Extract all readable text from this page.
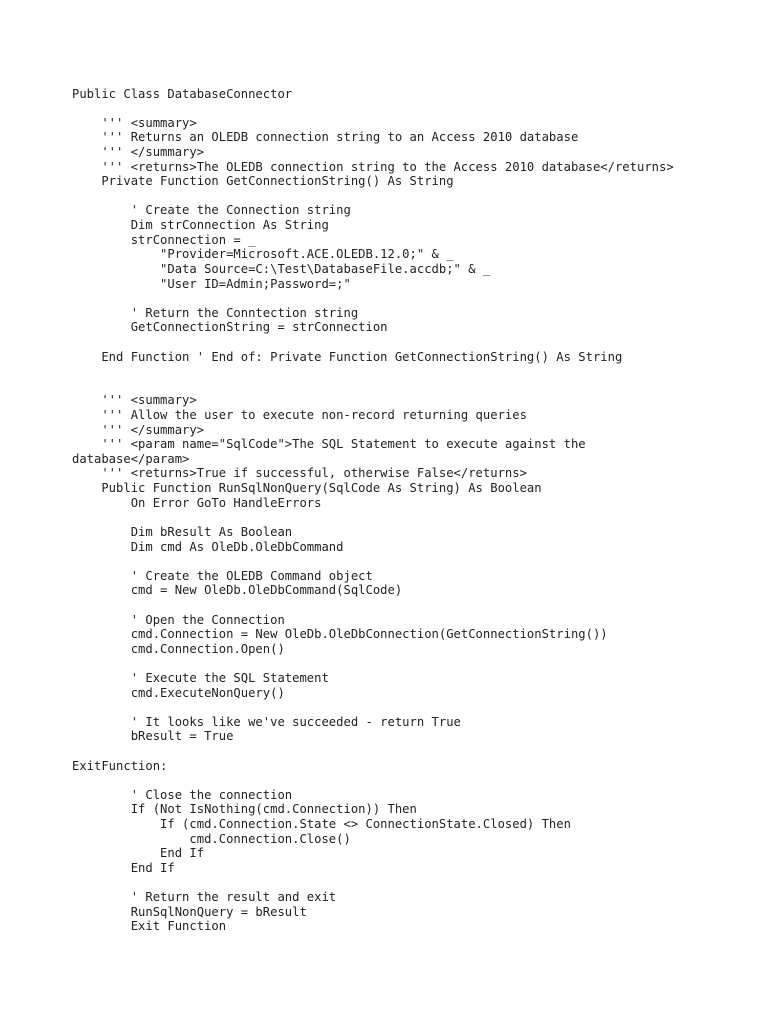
Public Class DatabaseConnector
''' <summary>
''' Returns an OLEDB connection string to an Access 2010 database
''' </summary>
''' <returns>The OLEDB connection string to the Access 2010 database</returns>
Private Function GetConnectionString() As String
' Create the Connection string
Dim strConnection As String
strConnection = _
"Provider=Microsoft.ACE.OLEDB.12.0;" & _
"Data Source=C:\Test\DatabaseFile.accdb;" & _
"User ID=Admin;Password=;"
' Return the Conntection string
GetConnectionString = strConnection
End Function ' End of: Private Function GetConnectionString() As String
''' <summary>
''' Allow the user to execute non-record returning queries
''' </summary>
''' <param name="SqlCode">The SQL Statement to execute against the
database</param>
''' <returns>True if successful, otherwise False</returns>
Public Function RunSqlNonQuery(SqlCode As String) As Boolean
On Error GoTo HandleErrors
Dim bResult As Boolean
Dim cmd As OleDb.OleDbCommand
' Create the OLEDB Command object
cmd = New OleDb.OleDbCommand(SqlCode)
' Open the Connection
cmd.Connection = New OleDb.OleDbConnection(GetConnectionString())
cmd.Connection.Open()
' Execute the SQL Statement
cmd.ExecuteNonQuery()
' It looks like we've succeeded - return True
bResult = True
ExitFunction:
' Close the connection
If (Not IsNothing(cmd.Connection)) Then
If (cmd.Connection.State <> ConnectionState.Closed) Then
cmd.Connection.Close()
End If
End If
' Return the result and exit
RunSqlNonQuery = bResult
Exit Function
